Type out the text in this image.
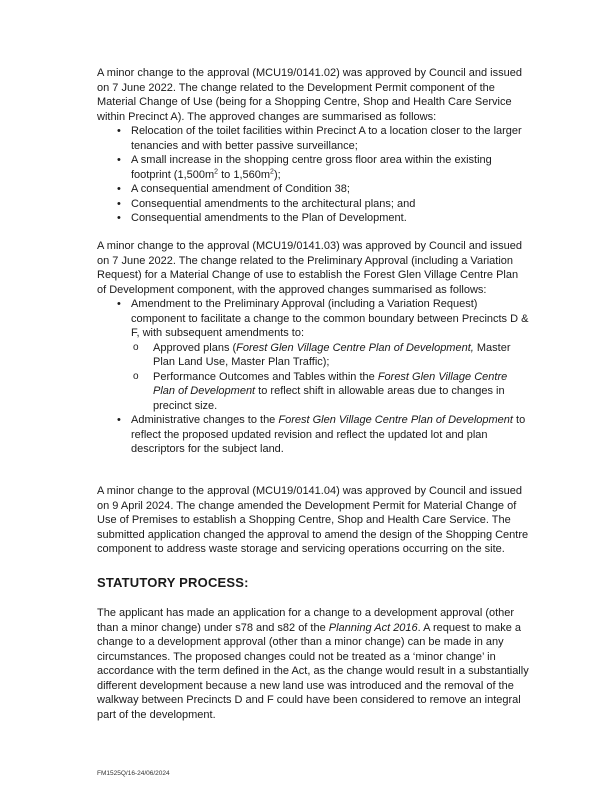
A minor change to the approval (MCU19/0141.02) was approved by Council and issued on 7 June 2022. The change related to the Development Permit component of the Material Change of Use (being for a Shopping Centre, Shop and Health Care Service within Precinct A). The approved changes are summarised as follows:

• Relocation of the toilet facilities within Precinct A to a location closer to the larger tenancies and with better passive surveillance;
• A small increase in the shopping centre gross floor area within the existing footprint ($1,500m^2$ to $1,560m^2$);
• A consequential amendment of Condition 38;
• Consequential amendments to the architectural plans; and
• Consequential amendments to the Plan of Development.

A minor change to the approval (MCU19/0141.03) was approved by Council and issued on 7 June 2022. The change related to the Preliminary Approval (including a Variation Request) for a Material Change of use to establish the Forest Glen Village Centre Plan of Development component, with the approved changes summarised as follows:

• Amendment to the Preliminary Approval (including a Variation Request) component to facilitate a change to the common boundary between Precincts D & F, with subsequent amendments to:
o Approved plans (Forest Glen Village Centre Plan of Development, Master Plan Land Use, Master Plan Traffic);
o Performance Outcomes and Tables within the Forest Glen Village Centre Plan of Development to reflect shift in allowable areas due to changes in precinct size.
• Administrative changes to the Forest Glen Village Centre Plan of Development to reflect the proposed updated revision and reflect the updated lot and plan descriptors for the subject land.

A minor change to the approval (MCU19/0141.04) was approved by Council and issued on 9 April 2024. The change amended the Development Permit for Material Change of Use of Premises to establish a Shopping Centre, Shop and Health Care Service. The submitted application changed the approval to amend the design of the Shopping Centre component to address waste storage and servicing operations occurring on the site.

STATUTORY PROCESS:

The applicant has made an application for a change to a development approval (other than a minor change) under s78 and s82 of the Planning Act 2016. A request to make a change to a development approval (other than a minor change) can be made in any circumstances. The proposed changes could not be treated as a ‘minor change’ in accordance with the term defined in the Act, as the change would result in a substantially different development because a new land use was introduced and the removal of the walkway between Precincts D and F could have been considered to remove an integral part of the development.

FM1525Q/16-24/06/2024
